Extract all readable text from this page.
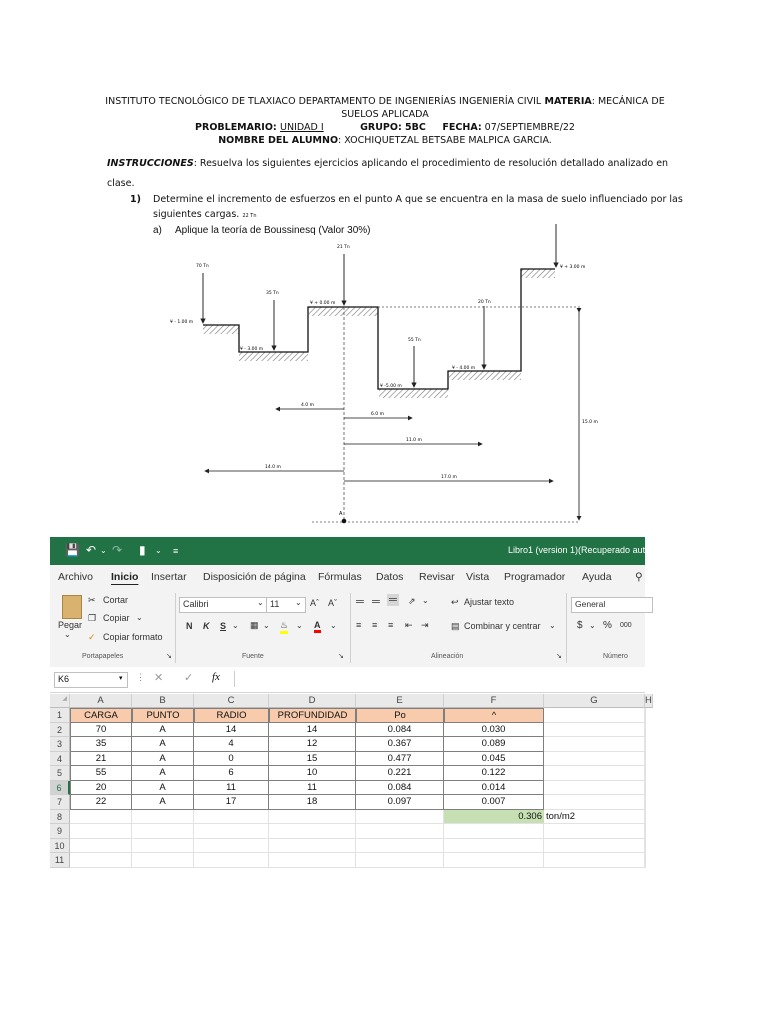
INSTITUTO TECNOLÓGICO DE TLAXIACO DEPARTAMENTO DE INGENIERÍAS INGENIERÍA CIVIL MATERIA: MECÁNICA DE
SUELOS APLICADA
PROBLEMARIO: UNIDAD I	GRUPO: 5BC FECHA: 07/SEPTIEMBRE/22
NOMBRE DEL ALUMNO: XOCHIQUETZAL BETSABE MALPICA GARCIA.
INSTRUCCIONES: Resuelva los siguientes ejercicios aplicando el procedimiento de resolución detallado analizado en
clase.
1) Determine el incremento de esfuerzos en el punto A que se encuentra en la masa de suelo influenciado por las
siguientes cargas. 22 Tn
a) Aplique la teoría de Boussinesq (Valor 30%)
70 Tn
35 Tn
21 Tn
55 Tn
20 Tn
¥ - 1.00 m
¥ - 3.00 m
¥ + 0.00 m
¥ -5.00 m
¥ - 4.00 m
¥ + 3.00 m
4.0 m
6.0 m
11.0 m
14.0 m
17.0 m
15.0 m
A
💾 ↶ ⌄ ↷ ▮ ⌄ ≡	Libro1 (version 1)(Recuperado auto
Archivo Inicio Insertar Disposición de página Fórmulas Datos Revisar Vista Programador Ayuda ⚲
Pegar
⌄
✂ Cortar
❐ Copiar ⌄
✓ Copiar formato
Portapapeles	↘
Calibri	⌄ 11 ⌄ Aˆ Aˇ
N K S ⌄ ▦ ⌄ ♨ ⌄ A ⌄
Fuente	↘
═ ═ ═ ⇗ ⌄
≡ ≡ ≡ ⇤ ⇥
↩ Ajustar texto
▤ Combinar y centrar ⌄
Alineación	↘
General
$ ⌄ % 000
Número
K6	▾ ⋮ ✕ ✓ fx
◢	A	B	C	D	E	F	G	H
1	CARGA	PUNTO	RADIO	PROFUNDIDAD	Po	^
2	70	A	14	14	0.084	0.030
3	35	A	4	12	0.367	0.089
4	21	A	0	15	0.477	0.045
5	55	A	6	10	0.221	0.122
6	20	A	11	11	0.084	0.014
7	22	A	17	18	0.097	0.007
8	0.306 ton/m2
9
10
11
